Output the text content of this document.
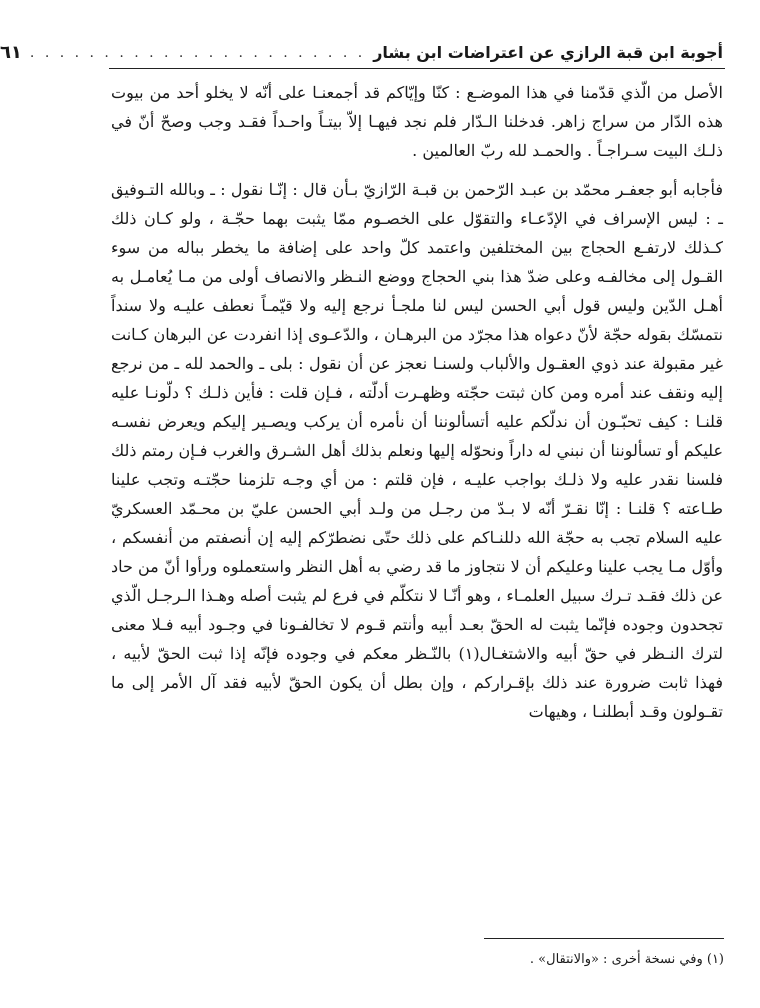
أجوبة ابن قبة الرازي عن اعتراضات ابن بشار
. . . . . . . . . . . . . . . . . . . . . . .
٦١

الأصل من الّذي قدّمنا في هذا الموضـع : كنّا وإيّاكم قد أجمعنـا على أنّه لا يخلو أحد من بيوت هذه الدّار من سراج زاهر. فدخلنا الـدّار فلم نجد فيهـا إلاّ بيتـاً واحـداً فقـد وجب وصحّ أنّ في ذلـك البيت سـراجـاً . والحمـد لله ربّ العالمين .

فأجابه أبو جعفـر محمّد بن عبـد الرّحمن بن قبـة الرّازيّ بـأن قال : إنّـا نقول : ـ وبالله التـوفيق ـ : ليس الإسراف في الإدّعـاء والتقوّل على الخصـوم ممّا يثبت بهما حجّـة ، ولو كـان ذلك كـذلك لارتفـع الحجاج بين المختلفين واعتمد كلّ واحد على إضافة ما يخطر بباله من سوء القـول إلى مخالفـه وعلى ضدّ هذا بني الحجاج ووضع النـظر والانصاف أولى من مـا يُعامـل به أهـل الدّين وليس قول أبي الحسن ليس لنا ملجـأ نرجع إليه ولا قيّمـاً نعطف عليـه ولا سنداً نتمسّك بقوله حجّة لأنّ دعواه هذا مجرّد من البرهـان ، والدّعـوى إذا انفردت عن البرهان كـانت غير مقبولة عند ذوي العقـول والألباب ولسنـا نعجز عن أن نقول : بلى ـ والحمد لله ـ من نرجع إليه ونقف عند أمره ومن كان ثبتت حجّته وظهـرت أدلّته ، فـإن قلت : فأين ذلـك ؟ دلّونـا عليه قلنـا : كيف تحبّـون أن ندلّكم عليه أتسألوننا أن نأمره أن يركب ويصـير إليكم ويعرض نفسـه عليكم أو تسألوننا أن نبني له داراً ونحوّله إليها ونعلم بذلك أهل الشـرق والغرب فـإن رمتم ذلك فلسنا نقدر عليه ولا ذلـك بواجب عليـه ، فإن قلتم : من أي وجـه تلزمنا حجّتـه وتجب علينا طـاعته ؟ قلنـا : إنّا نقـرّ أنّه لا بـدّ من رجـل من ولـد أبي الحسن عليّ بن محـمّد العسكريّ عليه السلام تجب به حجّة الله دللنـاكم على ذلك حتّى نضطرّكم إليه إن أنصفتم من أنفسكم ، وأوّل مـا يجب علينا وعليكم أن لا نتجاوز ما قد رضي به أهل النظر واستعملوه ورأوا أنّ من حاد عن ذلك فقـد تـرك سبيل العلمـاء ، وهو أنّـا لا نتكلّم في فرع لم يثبت أصله وهـذا الـرجـل الّذي تجحدون وجوده فإنّما يثبت له الحقّ بعـد أبيه وأنتم قـوم لا تخالفـونا في وجـود أبيه فـلا معنى لترك النـظر في حقّ أبيه والاشتغـال(١) بالنّـظر معكم في وجوده فإنّه إذا ثبت الحقّ لأبيه ، فهذا ثابت ضرورة عند ذلك بإقـراركم ، وإن بطل أن يكون الحقّ لأبيه فقد آل الأمر إلى ما تقـولون وقـد أبطلنـا ، وهيهات

(١) وفي نسخة أخرى : «والانتقال» .
